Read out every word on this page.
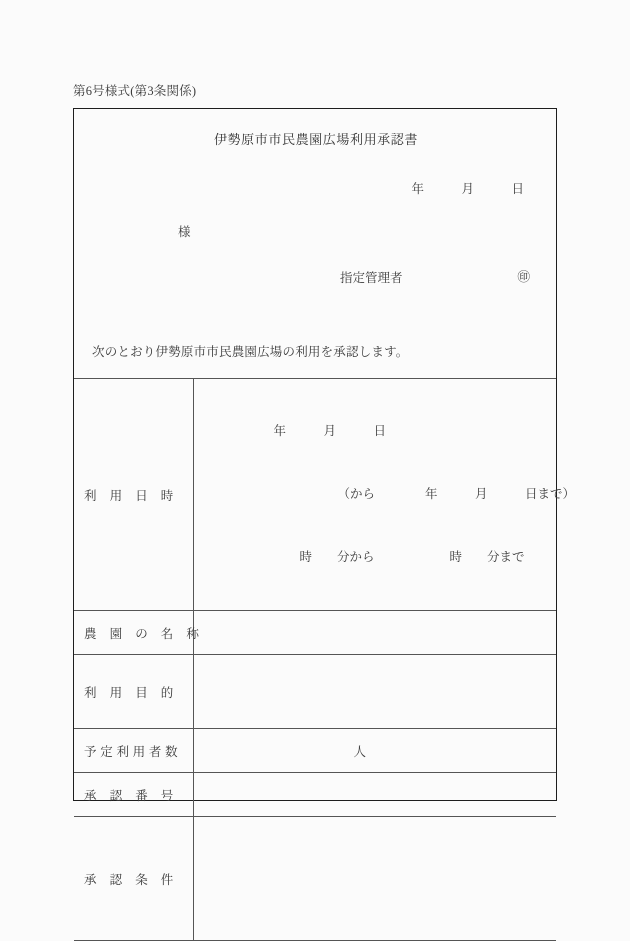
第6号様式(第3条関係)
伊勢原市市民農園広場利用承認書
年　　　月　　　日
様
指定管理者	㊞
次のとおり伊勢原市市民農園広場の利用を承認します。
利　用　日　時	年　　　月　　　日

（から　　　　年　　　月　　　日まで）

時　　分から　　　　　　時　　分まで

農　園　の　名　称	

利　用　目　的	

予 定 利 用 者 数	人

承　認　番　号	

承　認　条　件	
